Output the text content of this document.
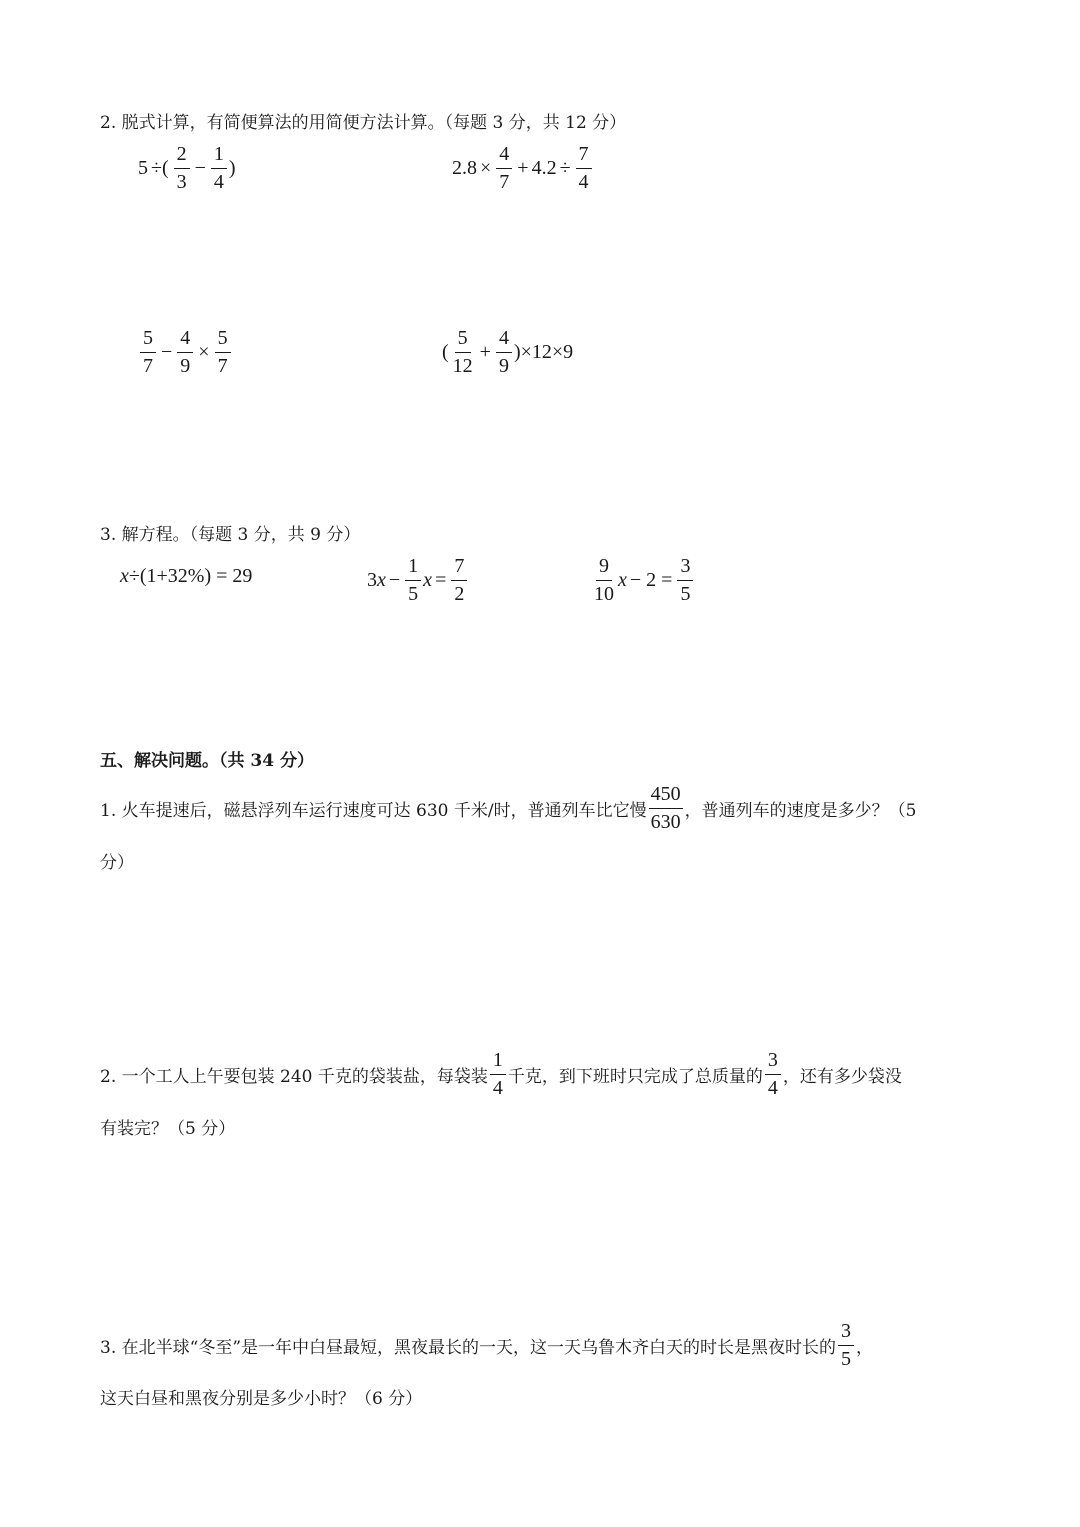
2. 脱式计算，有简便算法的用简便方法计算。（每题 3 分，共 12 分）
5 ÷( $\frac{2}{3} - \frac{1}{4}$ )	$2.8 \times \frac{4}{7} + 4.2 \div \frac{7}{4}$
$\frac{5}{7} - \frac{4}{9} \times \frac{5}{7}$	( $\frac{5}{12} + \frac{4}{9} )\times 12\times 9$
3. 解方程。（每题 3 分，共 9 分）
x ÷(1+32%) = 29	3 $x - \frac{1}{5}$ $x = \frac{7}{2}$	$\frac{9}{10}$ $x - 2 = \frac{3}{5}$
五、解决问题。（共 34 分）
1. 火车提速后，磁悬浮列车运行速度可达 630 千米/时，普通列车比它慢 $\frac{450}{630}$ ，普通列车的速度是多少？（5
分）
2. 一个工人上午要包装 240 千克的袋装盐，每袋装 $\frac{1}{4}$ 千克，到下班时只完成了总质量的 $\frac{3}{4}$ ，还有多少袋没
有装完？（5 分）
3. 在北半球“冬至”是一年中白昼最短，黑夜最长的一天，这一天乌鲁木齐白天的时长是黑夜时长的 $\frac{3}{5}$ ，
这天白昼和黑夜分别是多少小时？（6 分）
